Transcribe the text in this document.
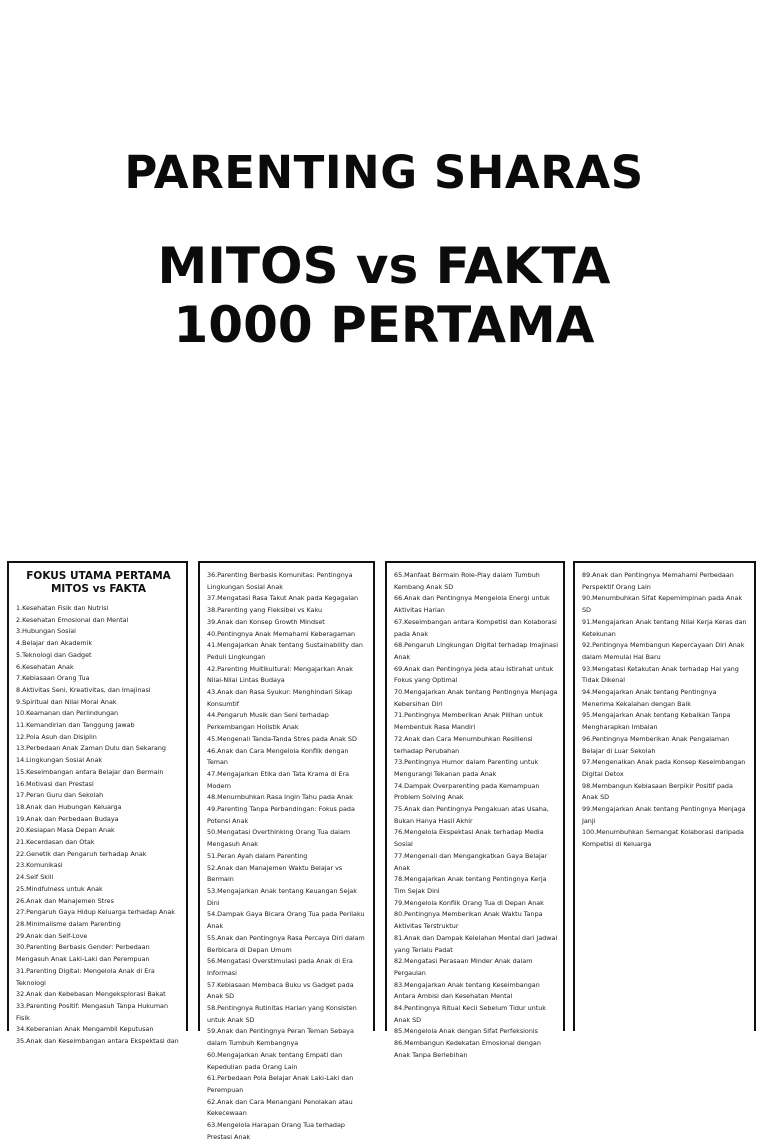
PARENTING SHARAS
MITOS vs FAKTA
1000 PERTAMA
FOKUS UTAMA PERTAMA MITOS vs FAKTA
1.Kesehatan Fisik dan Nutrisi
2.Kesehatan Emosional dan Mental
3.Hubungan Sosial
4.Belajar dan Akademik
5.Teknologi dan Gadget
6.Kesehatan Anak
7.Kebiasaan Orang Tua
8.Aktivitas Seni, Kreativitas, dan Imajinasi
9.Spiritual dan Nilai Moral Anak
10.Keamanan dan Perlindungan
11.Kemandirian dan Tanggung Jawab
12.Pola Asuh dan Disiplin
13.Perbedaan Anak Zaman Dulu dan Sekarang
14.Lingkungan Sosial Anak
15.Keseimbangan antara Belajar dan Bermain
16.Motivasi dan Prestasi
17.Peran Guru dan Sekolah
18.Anak dan Hubungan Keluarga
19.Anak dan Perbedaan Budaya
20.Kesiapan Masa Depan Anak
21.Kecerdasan dan Otak
22.Genetik dan Pengaruh terhadap Anak
23.Komunikasi
24.Self Skill
25.Mindfulness untuk Anak
26.Anak dan Manajemen Stres
27.Pengaruh Gaya Hidup Keluarga terhadap Anak
28.Minimalisme dalam Parenting
29.Anak dan Self-Love
30.Parenting Berbasis Gender: Perbedaan Mengasuh Anak Laki-Laki dan Perempuan
31.Parenting Digital: Mengelola Anak di Era Teknologi
32.Anak dan Kebebasan Mengeksplorasi Bakat
33.Parenting Positif: Mengasuh Tanpa Hukuman Fisik
34.Keberanian Anak Mengambil Keputusan
35.Anak dan Keseimbangan antara Ekspektasi dan
36.Parenting Berbasis Komunitas: Pentingnya Lingkungan Sosial Anak
37.Mengatasi Rasa Takut Anak pada Kegagalan
38.Parenting yang Fleksibel vs Kaku
39.Anak dan Konsep Growth Mindset
40.Pentingnya Anak Memahami Keberagaman
41.Mengajarkan Anak tentang Sustainability dan Peduli Lingkungan
42.Parenting Multikultural: Mengajarkan Anak Nilai-Nilai Lintas Budaya
43.Anak dan Rasa Syukur: Menghindari Sikap Konsumtif
44.Pengaruh Musik dan Seni terhadap Perkembangan Holistik Anak
45.Mengenali Tanda-Tanda Stres pada Anak SD
46.Anak dan Cara Mengelola Konflik dengan Teman
47.Mengajarkan Etika dan Tata Krama di Era Modern
48.Menumbuhkan Rasa Ingin Tahu pada Anak
49.Parenting Tanpa Perbandingan: Fokus pada Potensi Anak
50.Mengatasi Overthinking Orang Tua dalam Mengasuh Anak
51.Peran Ayah dalam Parenting
52.Anak dan Manajemen Waktu Belajar vs Bermain
53.Mengajarkan Anak tentang Keuangan Sejak Dini
54.Dampak Gaya Bicara Orang Tua pada Perilaku Anak
55.Anak dan Pentingnya Rasa Percaya Diri dalam Berbicara di Depan Umum
56.Mengatasi Overstimulasi pada Anak di Era Informasi
57.Kebiasaan Membaca Buku vs Gadget pada Anak SD
58.Pentingnya Rutinitas Harian yang Konsisten untuk Anak SD
59.Anak dan Pentingnya Peran Teman Sebaya dalam Tumbuh Kembangnya
60.Mengajarkan Anak tentang Empati dan Kepedulian pada Orang Lain
61.Perbedaan Pola Belajar Anak Laki-Laki dan Perempuan
62.Anak dan Cara Menangani Penolakan atau Kekecewaan
63.Mengelola Harapan Orang Tua terhadap Prestasi Anak
65.Manfaat Bermain Role-Play dalam Tumbuh Kembang Anak SD
66.Anak dan Pentingnya Mengelola Energi untuk Aktivitas Harian
67.Keseimbangan antara Kompetisi dan Kolaborasi pada Anak
68.Pengaruh Lingkungan Digital terhadap Imajinasi Anak
69.Anak dan Pentingnya Jeda atau Istirahat untuk Fokus yang Optimal
70.Mengajarkan Anak tentang Pentingnya Menjaga Kebersihan Diri
71.Pentingnya Memberikan Anak Pilihan untuk Membentuk Rasa Mandiri
72.Anak dan Cara Menumbuhkan Resiliensi terhadap Perubahan
73.Pentingnya Humor dalam Parenting untuk Mengurangi Tekanan pada Anak
74.Dampak Overparenting pada Kemampuan Problem Solving Anak
75.Anak dan Pentingnya Pengakuan atas Usaha, Bukan Hanya Hasil Akhir
76.Mengelola Ekspektasi Anak terhadap Media Sosial
77.Mengenali dan Mengangkatkan Gaya Belajar Anak
78.Mengajarkan Anak tentang Pentingnya Kerja Tim Sejak Dini
79.Mengelola Konflik Orang Tua di Depan Anak
80.Pentingnya Memberikan Anak Waktu Tanpa Aktivitas Terstruktur
81.Anak dan Dampak Kelelahan Mental dari Jadwal yang Terlalu Padat
82.Mengatasi Perasaan Minder Anak dalam Pergaulan
83.Mengajarkan Anak tentang Keseimbangan Antara Ambisi dan Kesehatan Mental
84.Pentingnya Ritual Kecil Sebelum Tidur untuk Anak SD
85.Mengelola Anak dengan Sifat Perfeksionis
86.Membangun Kedekatan Emosional dengan Anak Tanpa Berlebihan
89.Anak dan Pentingnya Memahami Perbedaan Perspektif Orang Lain
90.Menumbuhkan Sifat Kepemimpinan pada Anak SD
91.Mengajarkan Anak tentang Nilai Kerja Keras dan Ketekunan
92.Pentingnya Membangun Kepercayaan Diri Anak dalam Memulai Hal Baru
93.Mengatasi Ketakutan Anak terhadap Hal yang Tidak Dikenal
94.Mengajarkan Anak tentang Pentingnya Menerima Kekalahan dengan Baik
95.Mengajarkan Anak tentang Kebaikan Tanpa Mengharapkan Imbalan
96.Pentingnya Memberikan Anak Pengalaman Belajar di Luar Sekolah
97.Mengenalkan Anak pada Konsep Keseimbangan Digital Detox
98.Membangun Kebiasaan Berpikir Positif pada Anak SD
99.Mengajarkan Anak tentang Pentingnya Menjaga Janji
100.Menumbuhkan Semangat Kolaborasi daripada Kompetisi di Keluarga
